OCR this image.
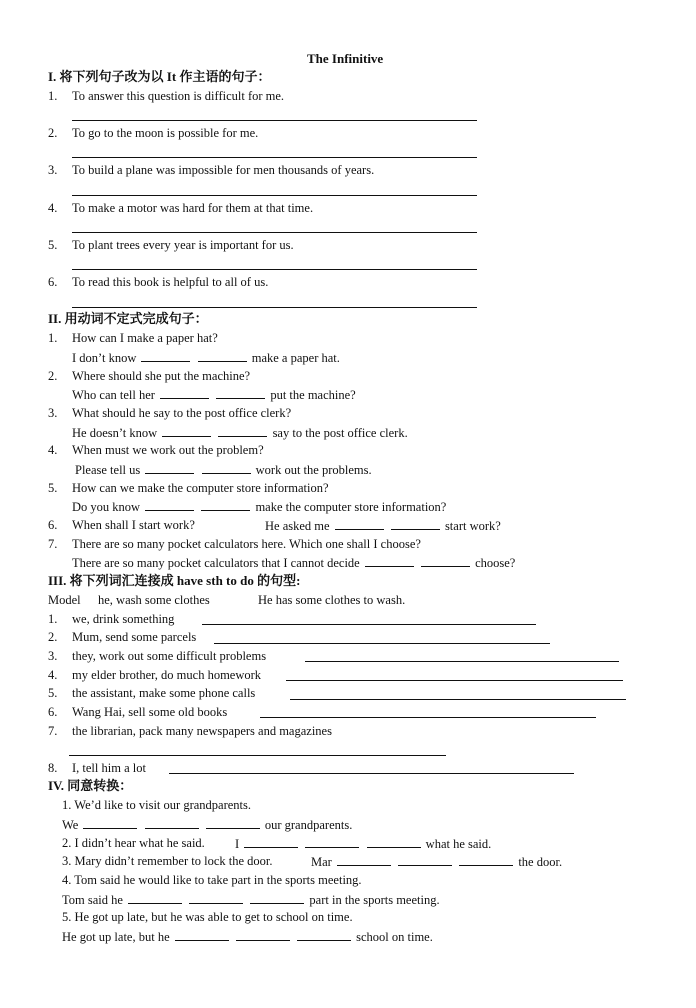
The Infinitive
I. 将下列句子改为以 It 作主语的句子：
1. To answer this question is difficult for me.
2. To go to the moon is possible for me.
3. To build a plane was impossible for men thousands of years.
4. To make a motor was hard for them at that time.
5. To plant trees every year is important for us.
6. To read this book is helpful to all of us.
II. 用动词不定式完成句子：
1. How can I make a paper hat?
I don’t know	make a paper hat.
2. Where should she put the machine?
Who can tell her	put the machine?
3. What should he say to the post office clerk?
He doesn’t know	say to the post office clerk.
4. When must we work out the problem?
Please tell us	work out the problems.
5. How can we make the computer store information?
Do you know	make the computer store information?
6. When shall I start work?	He asked me	start work?
7. There are so many pocket calculators here. Which one shall I choose?
There are so many pocket calculators that I cannot decide	choose?
III. 将下列词汇连接成 have sth to do 的句型:
Model he, wash some clothes	He has some clothes to wash.
1. we, drink something
2. Mum, send some parcels
3. they, work out some difficult problems
4. my elder brother, do much homework
5. the assistant, make some phone calls
6. Wang Hai, sell some old books
7. the librarian, pack many newspapers and magazines
8. I, tell him a lot
IV. 同意转换：
1. We’d like to visit our grandparents.
We	our grandparents.
2. I didn’t hear what he said. I	what he said.
3. Mary didn’t remember to lock the door.	Mar	the door.
4. Tom said he would like to take part in the sports meeting.
Tom said he	part in the sports meeting.
5. He got up late, but he was able to get to school on time.
He got up late, but he	school on time.
